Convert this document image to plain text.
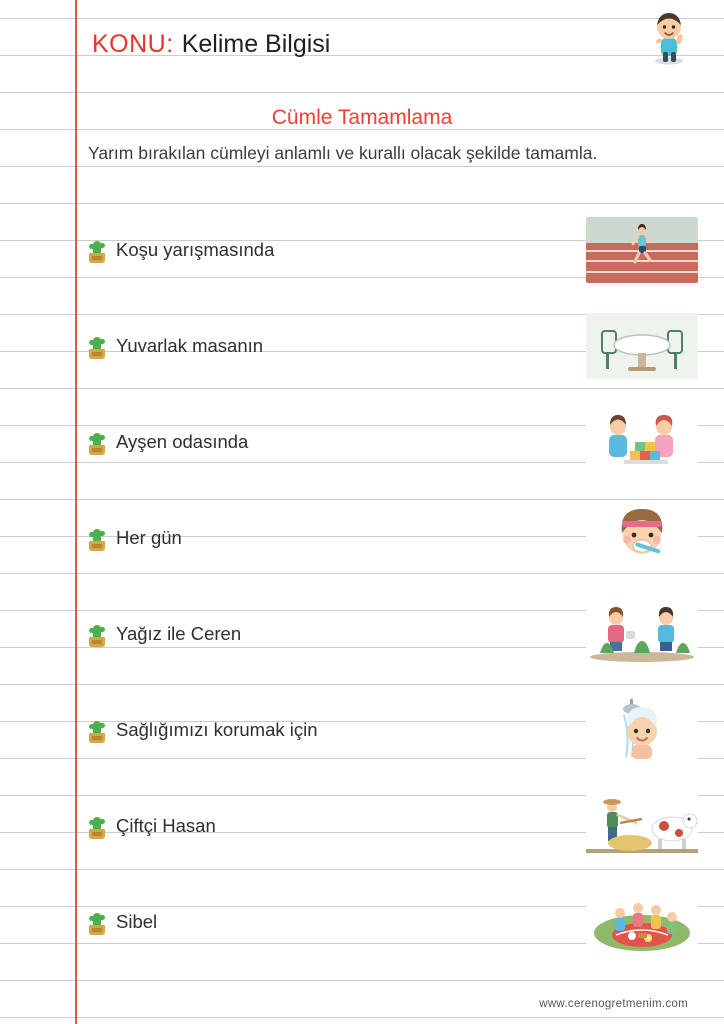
KONU: Kelime Bilgisi
Cümle Tamamlama
Yarım bırakılan cümleyi anlamlı ve kurallı olacak şekilde tamamla.
Koşu yarışmasında
Yuvarlak masanın
Ayşen odasında
Her gün
Yağız ile Ceren
Sağlığımızı korumak için
Çiftçi Hasan
Sibel
www.cerenogretmenim.com
